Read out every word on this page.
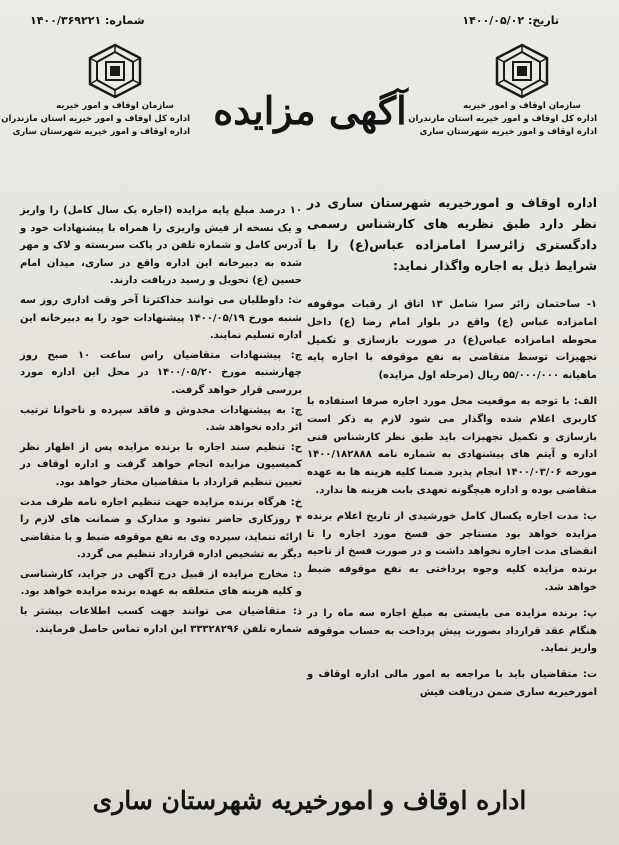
تاریخ: ۱۴۰۰/۰۵/۰۲
شماره: ۱۴۰۰/۳۶۹۲۲۱
سازمان اوقاف و امور خیریه
اداره کل اوقاف و امور خیریه استان مازندران
اداره اوقاف و امور خیریه شهرستان ساری
سازمان اوقاف و امور خیریه
اداره کل اوقاف و امور خیریه استان مازندران
اداره اوقاف و امور خیریه شهرستان ساری آگهی مزایده
اداره اوقاف و امورخیریه شهرستان ساری در نظر دارد طبق نظریه های کارشناس رسمی دادگستری زائرسرا امامزاده عباس(ع) را با شرایط ذیل به اجاره واگذار نماید:

۱- ساختمان زائر سرا شامل ۱۳ اتاق از رقبات موقوفه امامزاده عباس (ع) واقع در بلوار امام رضا (ع) داخل محوطه امامزاده عباس(ع) در صورت بازسازی و تکمیل تجهیزات توسط متقاضی به نفع موقوفه با اجاره پایه ماهیانه ۵۵/۰۰۰/۰۰۰ ریال (مرحله اول مزایده)

الف: با توجه به موقعیت محل مورد اجاره صرفا استفاده با کاربری اعلام شده واگذار می شود لازم به ذکر است بازسازی و تکمیل تجهیزات باید طبق نظر کارشناس فنی اداره و آیتم های پیشنهادی به شماره نامه ۱۴۰۰/۱۸۲۸۸۸ مورخه ۱۴۰۰/۰۳/۰۶ انجام پذیرد ضمنا کلیه هزینه ها به عهده متقاضی بوده و اداره هیچگونه تعهدی بابت هزینه ها ندارد.

ب: مدت اجاره یکسال کامل خورشیدی از تاریخ اعلام برنده مزایده خواهد بود مستاجر حق فسخ مورد اجاره را تا انقضای مدت اجاره نخواهد داشت و در صورت فسخ از ناحیه برنده مزایده کلیه وجوه پرداختی به نفع موقوفه ضبط خواهد شد.

پ: برنده مزایده می بایستی به مبلغ اجاره سه ماه را در هنگام عقد قرارداد بصورت پیش پرداخت به حساب موقوفه واریز نماید.

ت: متقاضیان باید با مراجعه به امور مالی اداره اوقاف و امورخیریه ساری ضمن دریافت فیش

۱۰ درصد مبلغ پایه مزایده (اجاره یک سال کامل) را واریز و یک نسخه از فیش واریزی را همراه با پیشنهادات خود و آدرس کامل و شماره تلفن در پاکت سربسته و لاک و مهر شده به دبیرخانه این اداره واقع در ساری، میدان امام حسین (ع) تحویل و رسید دریافت دارند.

ث: داوطلبان می توانند حداکثرتا آخر وقت اداری روز سه شنبه مورخ ۱۴۰۰/۰۵/۱۹ پیشنهادات خود را به دبیرخانه این اداره تسلیم نمایند.

ج: پیشنهادات متقاضیان راس ساعت ۱۰ صبح روز چهارشنبه مورخ ۱۴۰۰/۰۵/۲۰ در محل این اداره مورد بررسی قرار خواهد گرفت.

چ: به پیشنهادات مخدوش و فاقد سپرده و ناخوانا ترتیب اثر داده نخواهد شد.

ح: تنظیم سند اجاره با برنده مزایده پس از اظهار نظر کمیسیون مزایده انجام خواهد گرفت و اداره اوقاف در تعیین تنظیم قرارداد با متقاضیان مختار خواهد بود.

خ: هرگاه برنده مزایده جهت تنظیم اجاره نامه ظرف مدت ۴ روزکاری حاضر نشود و مدارک و ضمانت های لازم را ارائه ننماید، سپرده وی به نفع موقوفه ضبط و با متقاضی دیگر به تشخیص اداره قرارداد تنظیم می گردد.

د: مخارج مزایده از قبیل درج آگهی در جراید، کارشناسی و کلیه هزینه های متعلقه به عهده برنده مزایده خواهد بود.

ذ: متقاضیان می توانند جهت کسب اطلاعات بیشتر با شماره تلفن ۳۳۳۲۸۲۹۶ این اداره تماس حاصل فرمایند.

اداره اوقاف و امورخیریه شهرستان ساری
